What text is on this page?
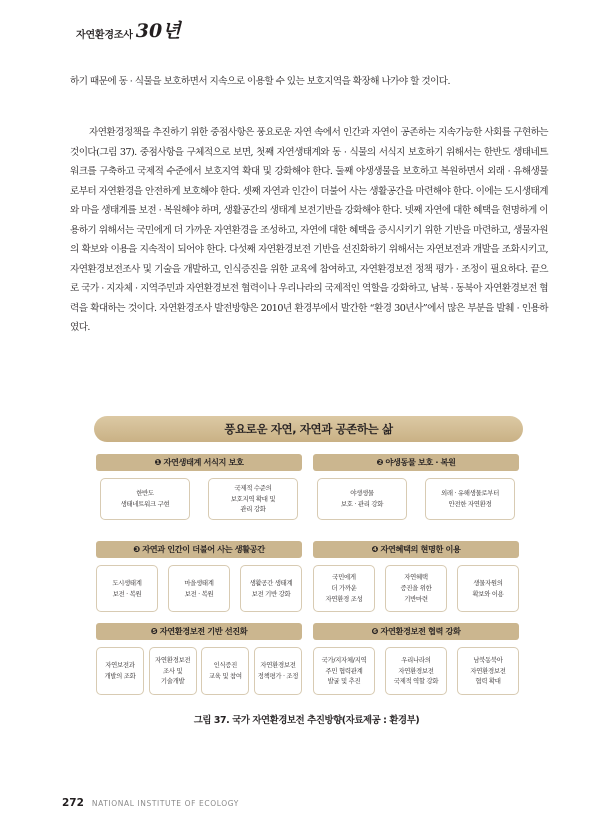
자연환경조사 30년

하기 때문에 동 · 식물을 보호하면서 지속으로 이용할 수 있는 보호지역을 확장해 나가야 할 것이다.

자연환경정책을 추진하기 위한 중점사항은 풍요로운 자연 속에서 인간과 자연이 공존하는 지속가능한 사회를 구현하는 것이다(그림 37). 중점사항을 구체적으로 보면, 첫째 자연생태계와 동 · 식물의 서식지 보호하기 위해서는 한반도 생태네트워크를 구축하고 국제적 수준에서 보호지역 확대 및 강화해야 한다. 둘째 야생생물을 보호하고 복원하면서 외래 · 유해생물로부터 자연환경을 안전하게 보호해야 한다. 셋째 자연과 인간이 더불어 사는 생활공간을 마련해야 한다. 이에는 도시생태계와 마을 생태계를 보전 · 복원해야 하며, 생활공간의 생태계 보전기반을 강화해야 한다. 넷째 자연에 대한 혜택을 현명하게 이용하기 위해서는 국민에게 더 가까운 자연환경을 조성하고, 자연에 대한 혜택을 증시시키기 위한 기반을 마련하고, 생물자원의 확보와 이용을 지속적이 되어야 한다. 다섯째 자연환경보전 기반을 선진화하기 위해서는 자연보전과 개발을 조화시키고, 자연환경보전조사 및 기술을 개발하고, 인식증진을 위한 교육에 참여하고, 자연환경보전 정책 평가 · 조정이 필요하다. 끝으로 국가 · 지자체 · 지역주민과 자연환경보전 협력이나 우리나라의 국제적인 역할을 강화하고, 남북 · 동북아 자연환경보전 협력을 확대하는 것이다. 자연환경조사 발전방향은 2010년 환경부에서 발간한 “환경 30년사”에서 많은 부분을 발췌 · 인용하였다.

풍요로운 자연, 자연과 공존하는 삶
❶ 자연생태계 서식지 보호
한반도
생태네트워크 구현
국제적 수준의
보호지역 확대 및
관리 강화
❷ 야생동물 보호 · 복원
야생생물
보호 · 관리 강화
외래 · 유해생물로부터
안전한 자연환경
❸ 자연과 인간이 더불어 사는 생활공간
도시생태계
보전 · 복원
마을생태계
보전 · 복원
생활공간 생태계
보전 기반 강화
❹ 자연혜택의 현명한 이용
국민에게
더 가까운
자연환경 조성
자연혜택
증진을 위한
기반마련
생물자원의
확보와 이용
❺ 자연환경보전 기반 선진화
자연보전과
개발의 조화
자연환경보전
조사 및
기술개발
인식증진
교육 및 참여
자연환경보전
정책평가 · 조정
❻ 자연환경보전 협력 강화
국가/지자체/지역
주민 협력관계
발굴 및 추진
우리나라의
자연환경보전
국제적 역할 강화
남북동북아
자연환경보전
협력 확대
그림 37. 국가 자연환경보전 추진방향(자료제공 : 환경부)
272 NATIONAL INSTITUTE OF ECOLOGY
